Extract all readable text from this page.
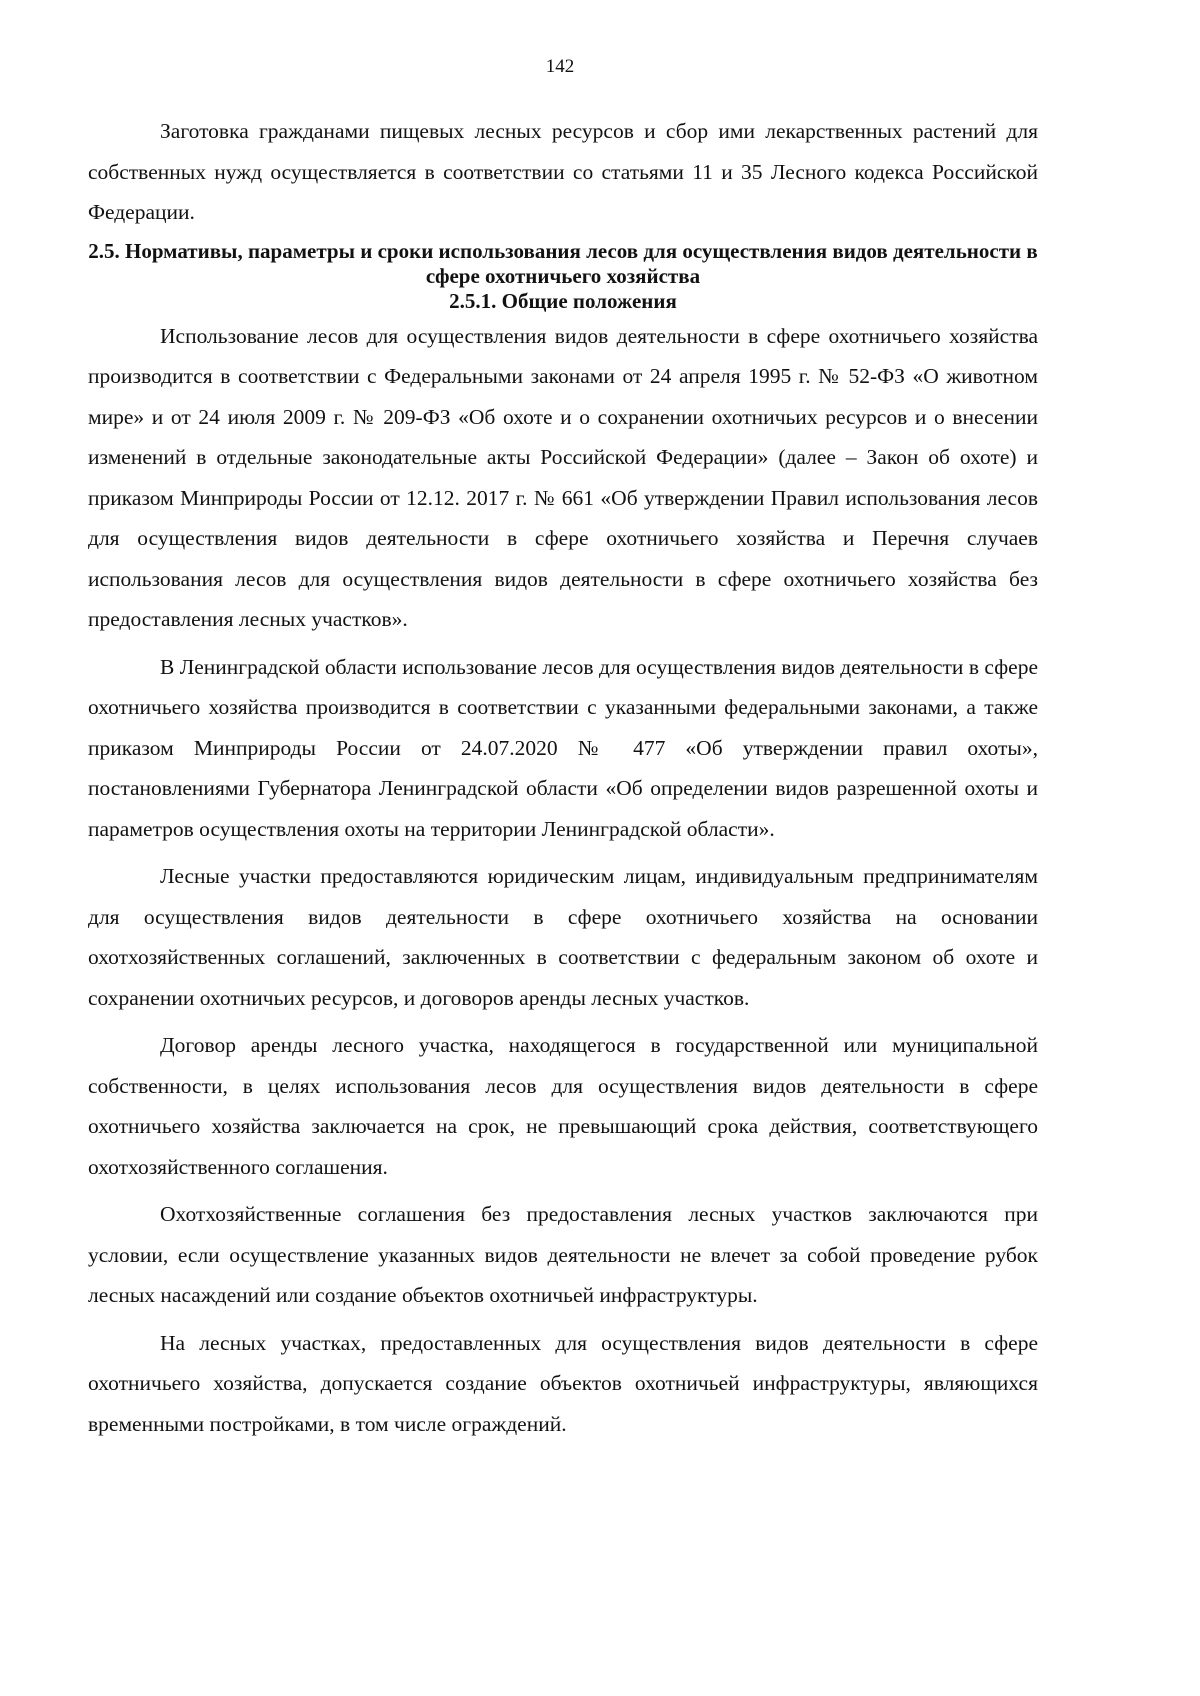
142

Заготовка гражданами пищевых лесных ресурсов и сбор ими лекарственных растений для собственных нужд осуществляется в соответствии со статьями 11 и 35 Лесного кодекса Российской Федерации.

2.5. Нормативы, параметры и сроки использования лесов для осуществления видов деятельности в сфере охотничьего хозяйства
2.5.1. Общие положения

Использование лесов для осуществления видов деятельности в сфере охотничьего хозяйства производится в соответствии с Федеральными законами от 24 апреля 1995 г. № 52-ФЗ «О животном мире» и от 24 июля 2009 г. № 209-ФЗ «Об охоте и о сохранении охотничьих ресурсов и о внесении изменений в отдельные законодательные акты Российской Федерации» (далее – Закон об охоте) и приказом Минприроды России от 12.12. 2017 г. № 661 «Об утверждении Правил использования лесов для осуществления видов деятельности в сфере охотничьего хозяйства и Перечня случаев использования лесов для осуществления видов деятельности в сфере охотничьего хозяйства без предоставления лесных участков».

В Ленинградской области использование лесов для осуществления видов деятельности в сфере охотничьего хозяйства производится в соответствии с указанными федеральными законами, а также приказом Минприроды России от 24.07.2020 № 477 «Об утверждении правил охоты», постановлениями Губернатора Ленинградской области «Об определении видов разрешенной охоты и параметров осуществления охоты на территории Ленинградской области».

Лесные участки предоставляются юридическим лицам, индивидуальным предпринимателям для осуществления видов деятельности в сфере охотничьего хозяйства на основании охотхозяйственных соглашений, заключенных в соответствии с федеральным законом об охоте и сохранении охотничьих ресурсов, и договоров аренды лесных участков.

Договор аренды лесного участка, находящегося в государственной или муниципальной собственности, в целях использования лесов для осуществления видов деятельности в сфере охотничьего хозяйства заключается на срок, не превышающий срока действия, соответствующего охотхозяйственного соглашения.

Охотхозяйственные соглашения без предоставления лесных участков заключаются при условии, если осуществление указанных видов деятельности не влечет за собой проведение рубок лесных насаждений или создание объектов охотничьей инфраструктуры.

На лесных участках, предоставленных для осуществления видов деятельности в сфере охотничьего хозяйства, допускается создание объектов охотничьей инфраструктуры, являющихся временными постройками, в том числе ограждений.
